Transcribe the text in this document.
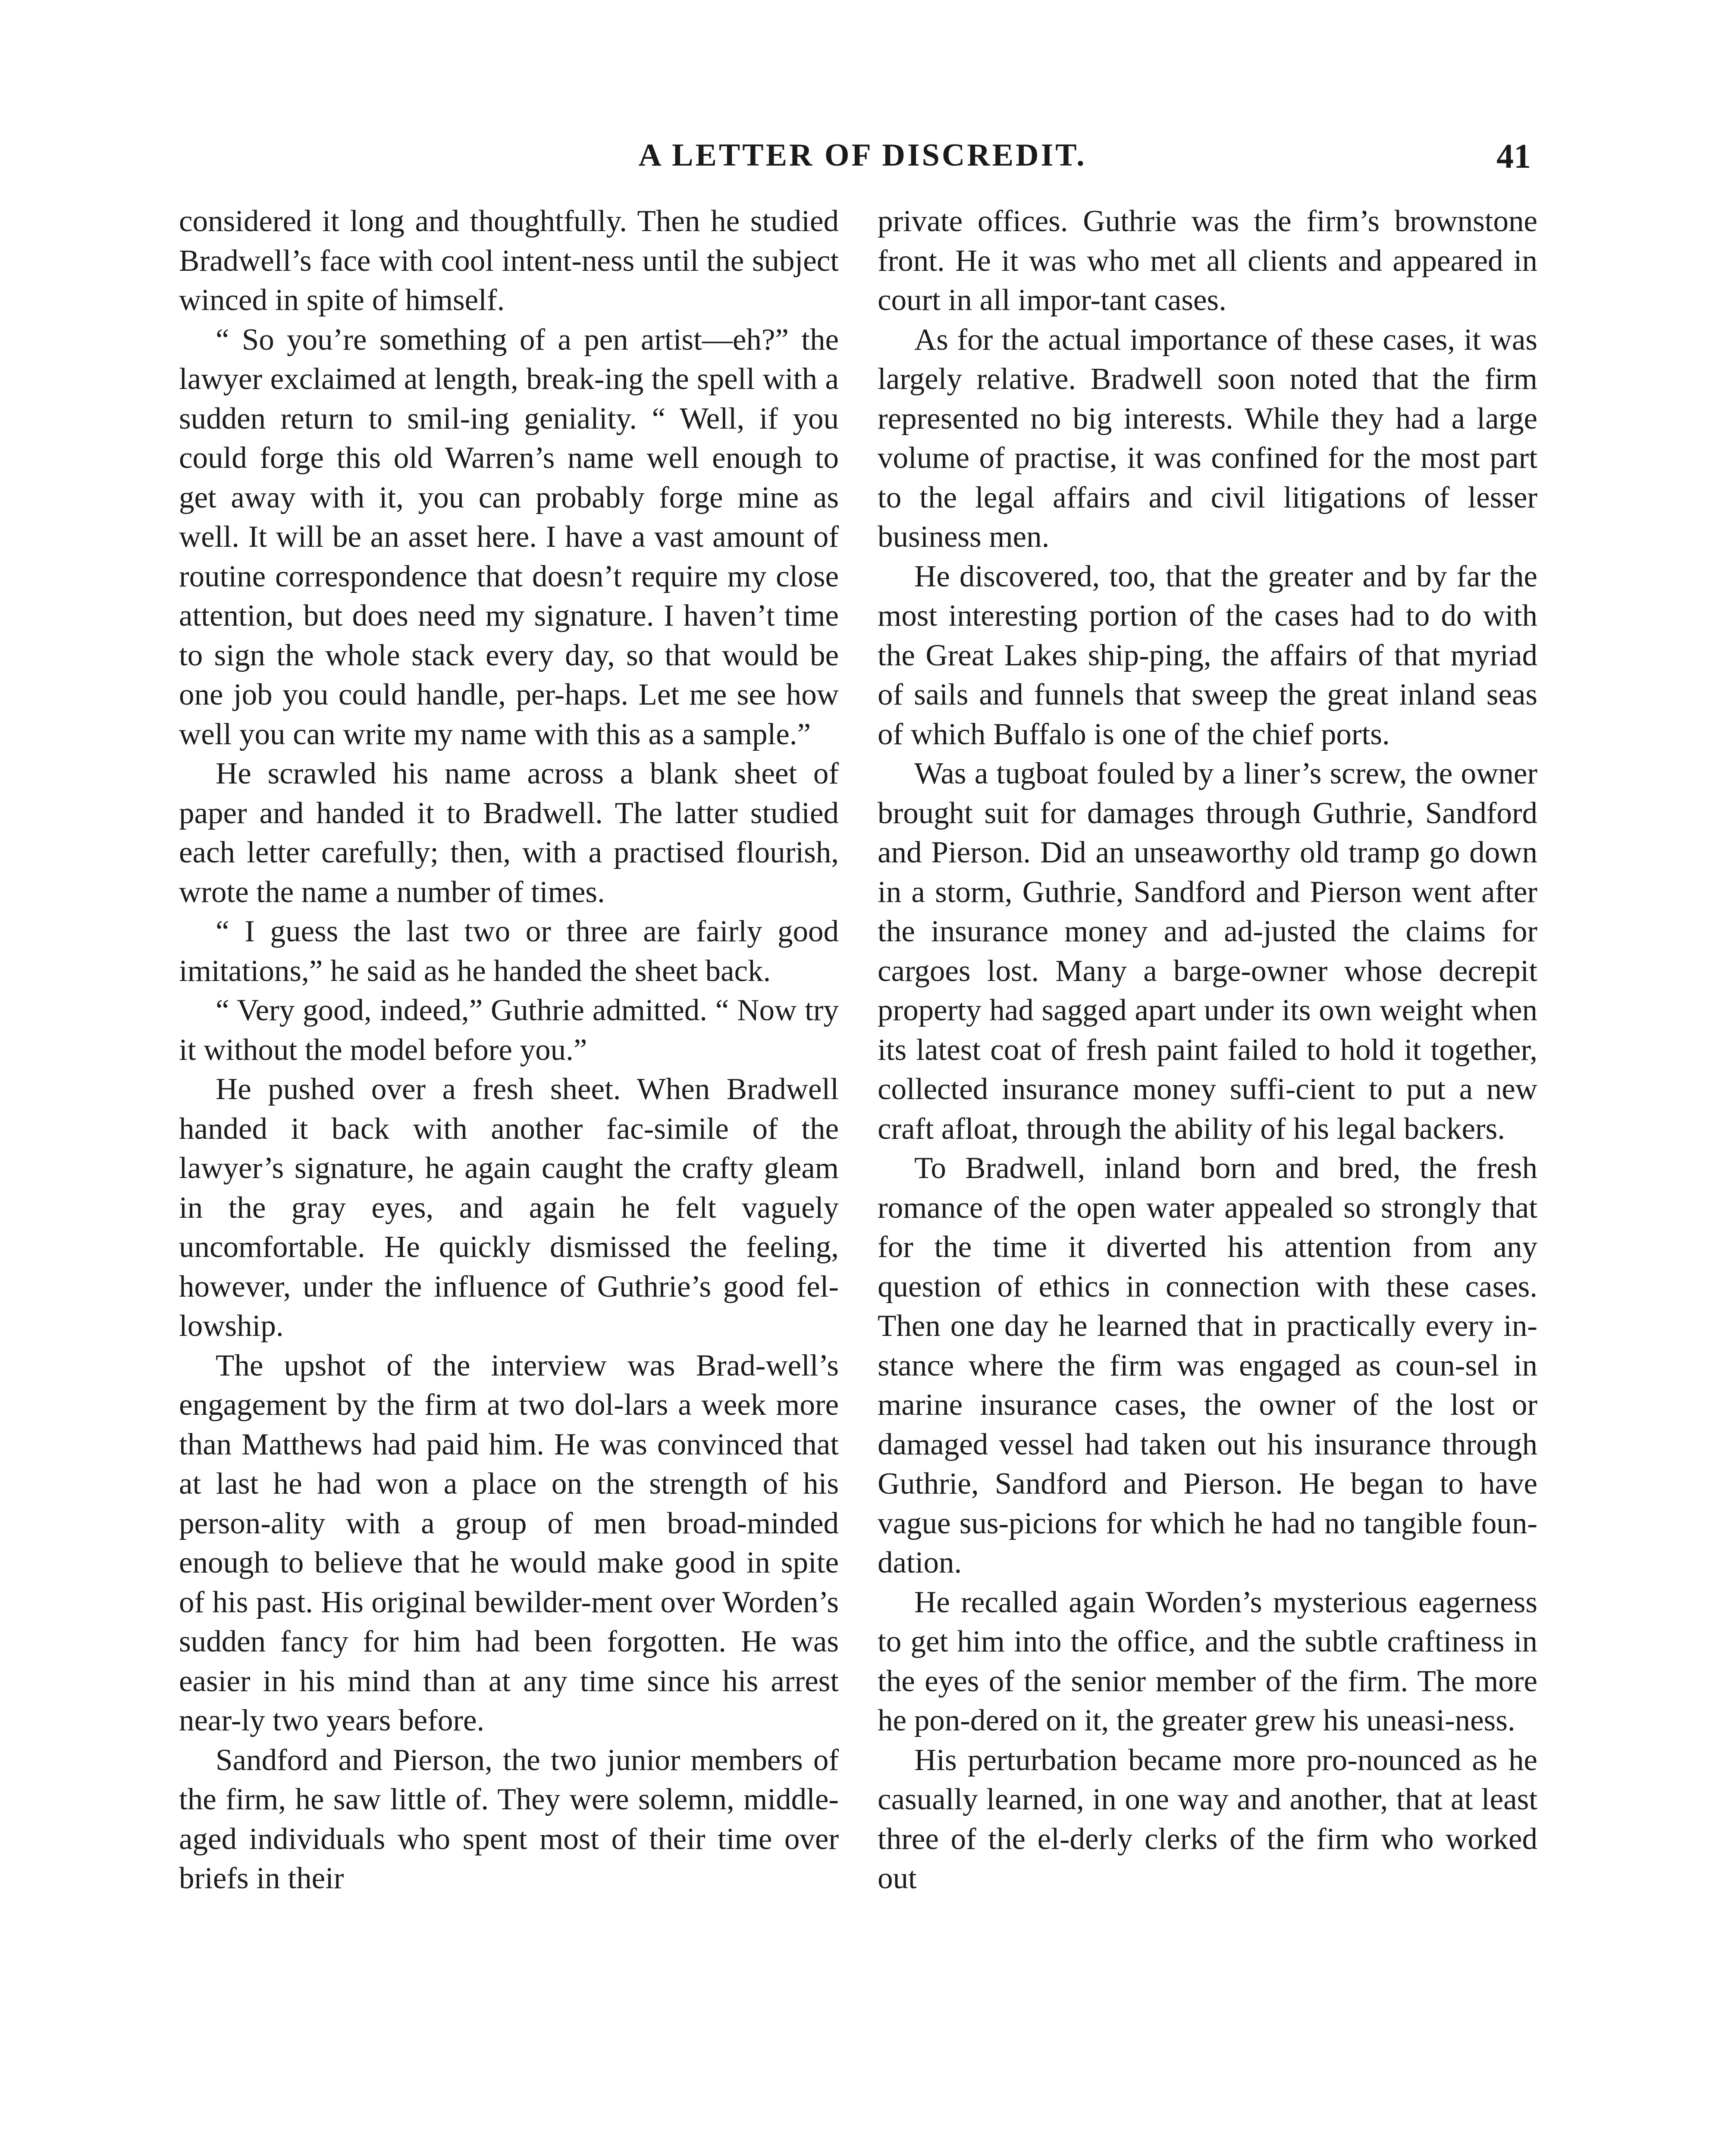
A LETTER OF DISCREDIT.	41

considered it long and thoughtfully. Then he studied Bradwell’s face with cool intent-ness until the subject winced in spite of himself.

“ So you’re something of a pen artist—eh?” the lawyer exclaimed at length, break-ing the spell with a sudden return to smil-ing geniality. “ Well, if you could forge this old Warren’s name well enough to get away with it, you can probably forge mine as well. It will be an asset here. I have a vast amount of routine correspondence that doesn’t require my close attention, but does need my signature. I haven’t time to sign the whole stack every day, so that would be one job you could handle, per-haps. Let me see how well you can write my name with this as a sample.”

He scrawled his name across a blank sheet of paper and handed it to Bradwell. The latter studied each letter carefully; then, with a practised flourish, wrote the name a number of times.

“ I guess the last two or three are fairly good imitations,” he said as he handed the sheet back.

“ Very good, indeed,” Guthrie admitted. “ Now try it without the model before you.”

He pushed over a fresh sheet. When Bradwell handed it back with another fac-simile of the lawyer’s signature, he again caught the crafty gleam in the gray eyes, and again he felt vaguely uncomfortable. He quickly dismissed the feeling, however, under the influence of Guthrie’s good fel-lowship.

The upshot of the interview was Brad-well’s engagement by the firm at two dol-lars a week more than Matthews had paid him. He was convinced that at last he had won a place on the strength of his person-ality with a group of men broad-minded enough to believe that he would make good in spite of his past. His original bewilder-ment over Worden’s sudden fancy for him had been forgotten. He was easier in his mind than at any time since his arrest near-ly two years before.

Sandford and Pierson, the two junior members of the firm, he saw little of. They were solemn, middle-aged individuals who spent most of their time over briefs in their

private offices. Guthrie was the firm’s brownstone front. He it was who met all clients and appeared in court in all impor-tant cases.

As for the actual importance of these cases, it was largely relative. Bradwell soon noted that the firm represented no big interests. While they had a large volume of practise, it was confined for the most part to the legal affairs and civil litigations of lesser business men.

He discovered, too, that the greater and by far the most interesting portion of the cases had to do with the Great Lakes ship-ping, the affairs of that myriad of sails and funnels that sweep the great inland seas of which Buffalo is one of the chief ports.

Was a tugboat fouled by a liner’s screw, the owner brought suit for damages through Guthrie, Sandford and Pierson. Did an unseaworthy old tramp go down in a storm, Guthrie, Sandford and Pierson went after the insurance money and ad-justed the claims for cargoes lost. Many a barge-owner whose decrepit property had sagged apart under its own weight when its latest coat of fresh paint failed to hold it together, collected insurance money suffi-cient to put a new craft afloat, through the ability of his legal backers.

To Bradwell, inland born and bred, the fresh romance of the open water appealed so strongly that for the time it diverted his attention from any question of ethics in connection with these cases. Then one day he learned that in practically every in-stance where the firm was engaged as coun-sel in marine insurance cases, the owner of the lost or damaged vessel had taken out his insurance through Guthrie, Sandford and Pierson. He began to have vague sus-picions for which he had no tangible foun-dation.

He recalled again Worden’s mysterious eagerness to get him into the office, and the subtle craftiness in the eyes of the senior member of the firm. The more he pon-dered on it, the greater grew his uneasi-ness.

His perturbation became more pro-nounced as he casually learned, in one way and another, that at least three of the el-derly clerks of the firm who worked out
